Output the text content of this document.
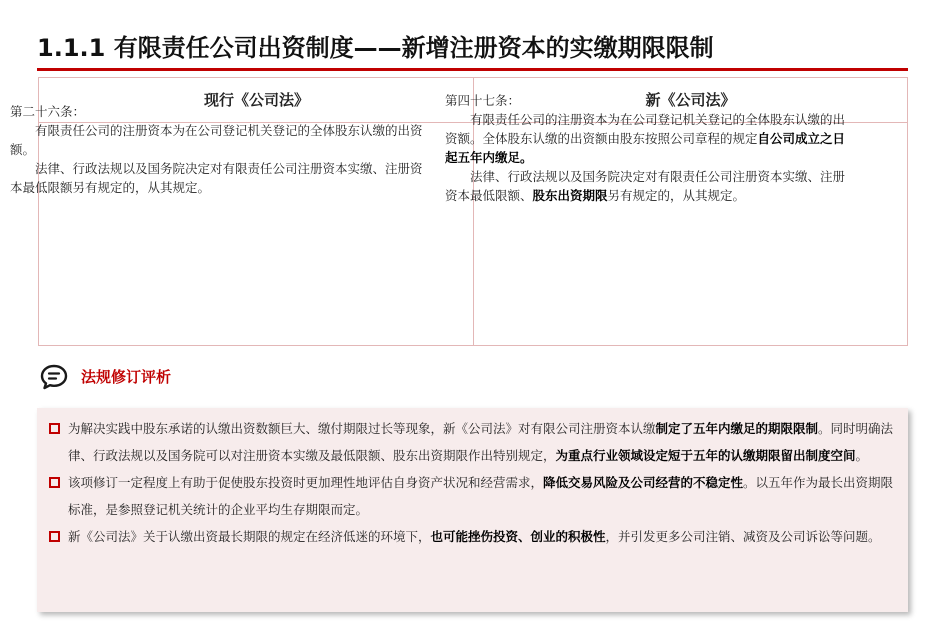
1.1.1 有限责任公司出资制度——新增注册资本的实缴期限限制
现行《公司法》	新《公司法》

第二十六条：

有限责任公司的注册资本为在公司登记机关登记的全体股东认缴的出资额。

法律、行政法规以及国务院决定对有限责任公司注册资本实缴、注册资本最低限额另有规定的，从其规定。

第四十七条：

有限责任公司的注册资本为在公司登记机关登记的全体股东认缴的出资额。全体股东认缴的出资额由股东按照公司章程的规定自公司成立之日起五年内缴足。

法律、行政法规以及国务院决定对有限责任公司注册资本实缴、注册资本最低限额、股东出资期限另有规定的，从其规定。

法规修订评析
为解决实践中股东承诺的认缴出资数额巨大、缴付期限过长等现象，新《公司法》对有限公司注册资本认缴制定了五年内缴足的期限限制。同时明确法律、行政法规以及国务院可以对注册资本实缴及最低限额、股东出资期限作出特别规定，为重点行业领域设定短于五年的认缴期限留出制度空间。
该项修订一定程度上有助于促使股东投资时更加理性地评估自身资产状况和经营需求，降低交易风险及公司经营的不稳定性。以五年作为最长出资期限标准，是参照登记机关统计的企业平均生存期限而定。
新《公司法》关于认缴出资最长期限的规定在经济低迷的环境下，也可能挫伤投资、创业的积极性，并引发更多公司注销、减资及公司诉讼等问题。
